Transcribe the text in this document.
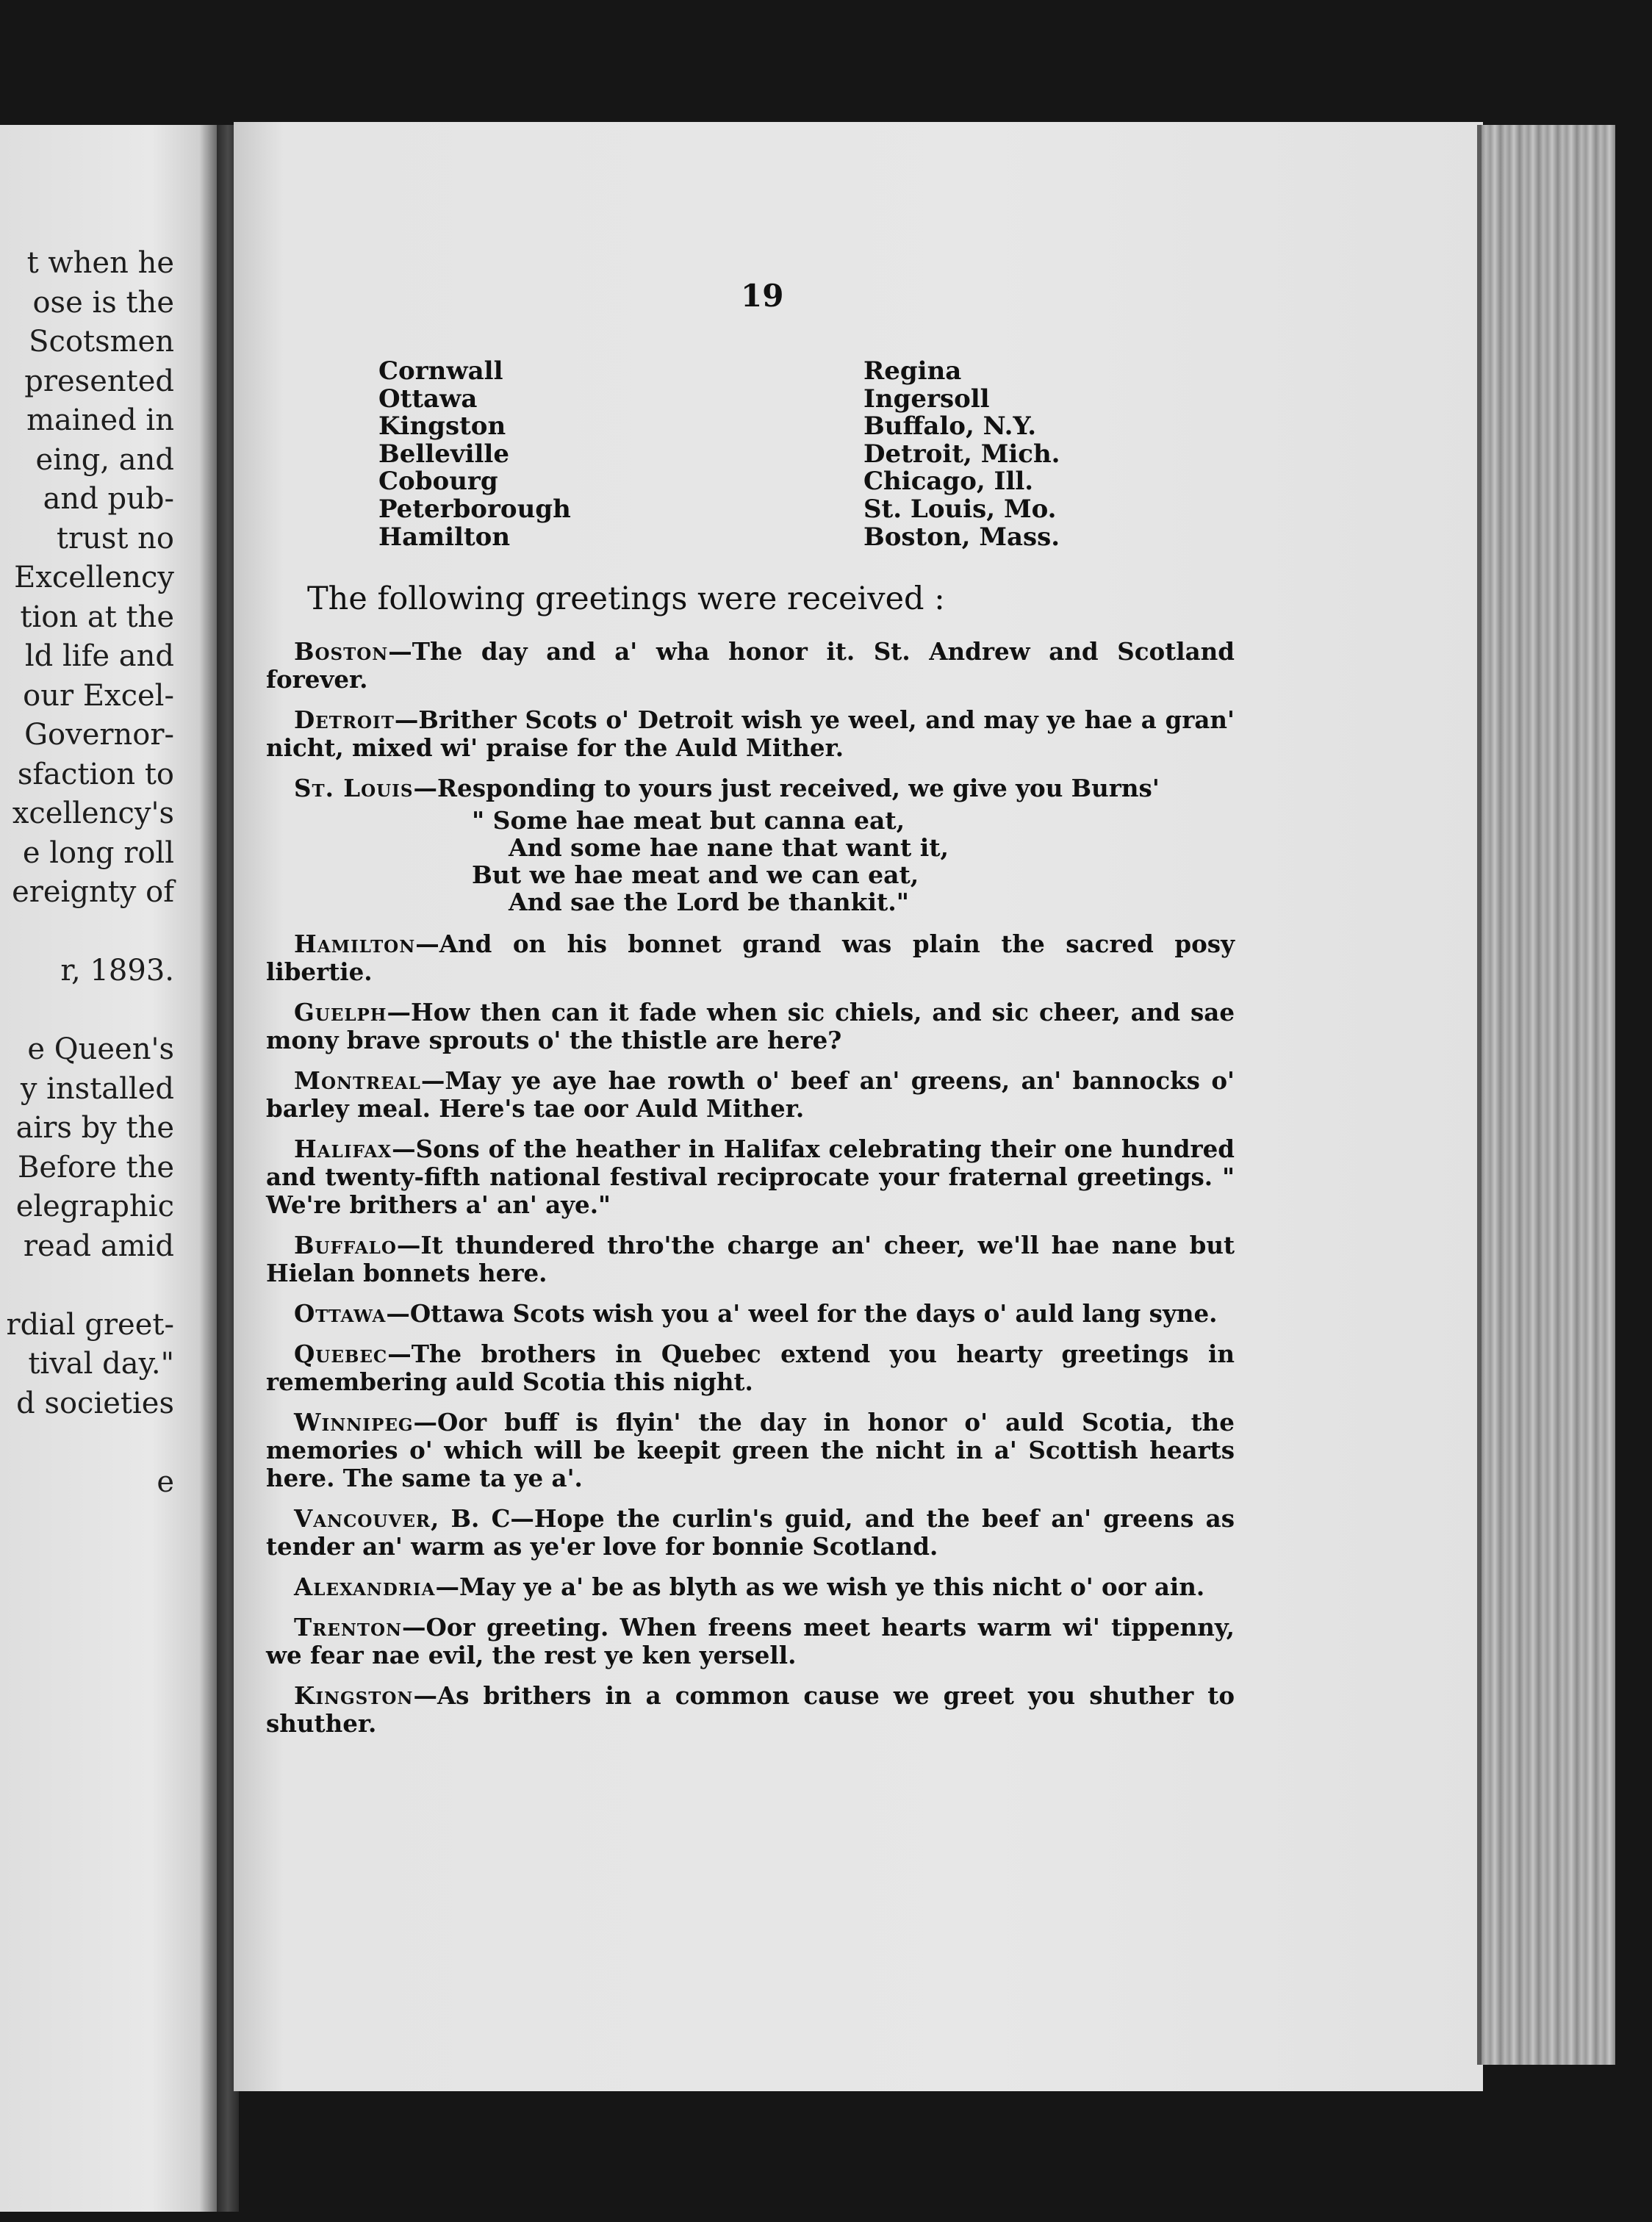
t when he
ose is the
Scotsmen
presented
mained in
eing, and
and pub-
trust no
Excellency
tion at the
ld life and
our Excel-
Governor-
sfaction to
xcellency's
e long roll
ereignty of
r, 1893.
e Queen's
y installed
airs by the
Before the
elegraphic
read amid
rdial greet-
tival day."
d societies
e
19
Cornwall
Ottawa
Kingston
Belleville
Cobourg
Peterborough
Hamilton
Regina
Ingersoll
Buffalo, N.Y.
Detroit, Mich.
Chicago, Ill.
St. Louis, Mo.
Boston, Mass.
The following greetings were received :

Boston—The day and a' wha honor it. St. Andrew and Scotland forever.

Detroit—Brither Scots o' Detroit wish ye weel, and may ye hae a gran' nicht, mixed wi' praise for the Auld Mither.

St. Louis—Responding to yours just received, we give you Burns'

" Some hae meat but canna eat,
And some hae nane that want it,
But we hae meat and we can eat,
And sae the Lord be thankit."

Hamilton—And on his bonnet grand was plain the sacred posy libertie.

Guelph—How then can it fade when sic chiels, and sic cheer, and sae mony brave sprouts o' the thistle are here?

Montreal—May ye aye hae rowth o' beef an' greens, an' bannocks o' barley meal. Here's tae oor Auld Mither.

Halifax—Sons of the heather in Halifax celebrating their one hundred and twenty-fifth national festival reciprocate your fraternal greetings. " We're brithers a' an' aye."

Buffalo—It thundered thro'the charge an' cheer, we'll hae nane but Hielan bonnets here.

Ottawa—Ottawa Scots wish you a' weel for the days o' auld lang syne.

Quebec—The brothers in Quebec extend you hearty greetings in remembering auld Scotia this night.

Winnipeg—Oor buff is flyin' the day in honor o' auld Scotia, the memories o' which will be keepit green the nicht in a' Scottish hearts here. The same ta ye a'.

Vancouver, B. C—Hope the curlin's guid, and the beef an' greens as tender an' warm as ye'er love for bonnie Scotland.

Alexandria—May ye a' be as blyth as we wish ye this nicht o' oor ain.

Trenton—Oor greeting. When freens meet hearts warm wi' tippenny, we fear nae evil, the rest ye ken yersell.

Kingston—As brithers in a common cause we greet you shuther to shuther.
